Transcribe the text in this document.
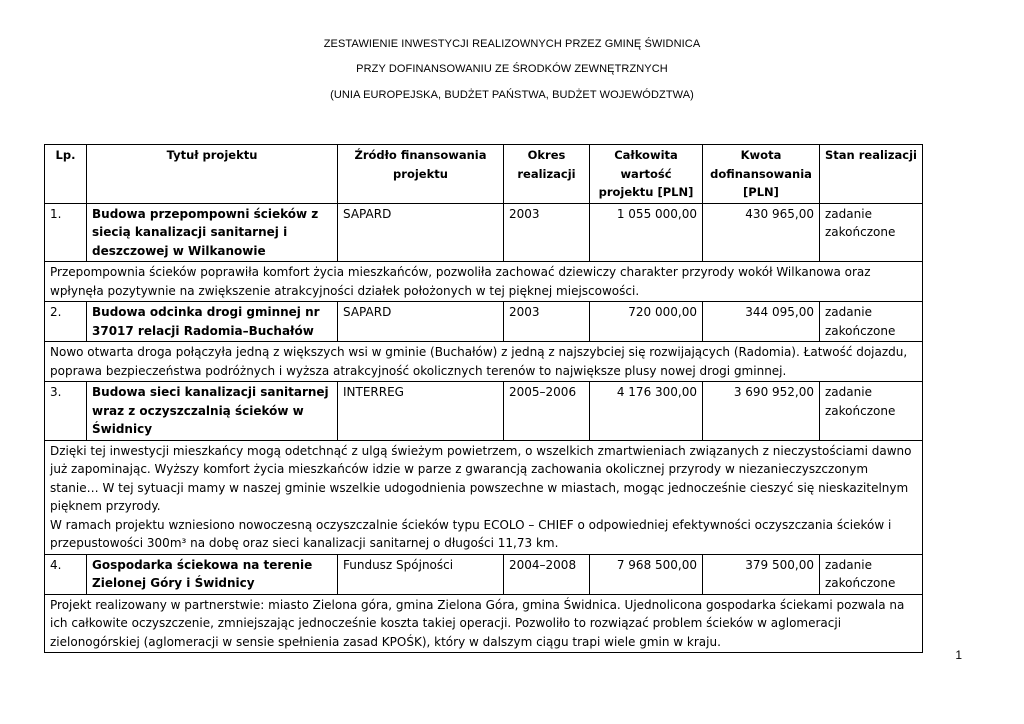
ZESTAWIENIE INWESTYCJI REALIZOWNYCH PRZEZ GMINĘ ŚWIDNICA
PRZY DOFINANSOWANIU ZE ŚRODKÓW ZEWNĘTRZNYCH
(UNIA EUROPEJSKA, BUDŻET PAŃSTWA, BUDŻET WOJEWÓDZTWA)
Lp.	Tytuł projektu	Źródło finansowania projektu	Okres realizacji	Całkowita wartość projektu [PLN]	Kwota dofinansowania [PLN]	Stan realizacji
1.	Budowa przepompowni ścieków z siecią kanalizacji sanitarnej i deszczowej w Wilkanowie	SAPARD	2003	1 055 000,00	430 965,00	zadanie zakończone
Przepompownia ścieków poprawiła komfort życia mieszkańców, pozwoliła zachować dziewiczy charakter przyrody wokół Wilkanowa oraz wpłynęła pozytywnie na zwiększenie atrakcyjności działek położonych w tej pięknej miejscowości.						
2.	Budowa odcinka drogi gminnej nr 37017 relacji Radomia–Buchałów	SAPARD	2003	720 000,00	344 095,00	zadanie zakończone
Nowo otwarta droga połączyła jedną z większych wsi w gminie (Buchałów) z jedną z najszybciej się rozwijających (Radomia). Łatwość dojazdu, poprawa bezpieczeństwa podróżnych i wyższa atrakcyjność okolicznych terenów to największe plusy nowej drogi gminnej.						
3.	Budowa sieci kanalizacji sanitarnej wraz z oczyszczalnią ścieków w Świdnicy	INTERREG	2005–2006	4 176 300,00	3 690 952,00	zadanie zakończone

Dzięki tej inwestycji mieszkańcy mogą odetchnąć z ulgą świeżym powietrzem, o wszelkich zmartwieniach związanych z nieczystościami dawno już zapominając. Wyższy komfort życia mieszkańców idzie w parze z gwarancją zachowania okolicznej przyrody w niezanieczyszczonym stanie… W tej sytuacji mamy w naszej gminie wszelkie udogodnienia powszechne w miastach, mogąc jednocześnie cieszyć się nieskazitelnym pięknem przyrody.
W ramach projektu wzniesiono nowoczesną oczyszczalnie ścieków typu ECOLO – CHIEF o odpowiedniej efektywności oczyszczania ścieków i przepustowości 300m³ na dobę oraz sieci kanalizacji sanitarnej o długości 11,73 km.						

4.	Gospodarka ściekowa na terenie Zielonej Góry i Świdnicy	Fundusz Spójności	2004–2008	7 968 500,00	379 500,00	zadanie zakończone
Projekt realizowany w partnerstwie: miasto Zielona góra, gmina Zielona Góra, gmina Świdnica. Ujednolicona gospodarka ściekami pozwala na ich całkowite oczyszczenie, zmniejszając jednocześnie koszta takiej operacji. Pozwoliło to rozwiązać problem ścieków w aglomeracji zielonogórskiej (aglomeracji w sensie spełnienia zasad KPOŚK), który w dalszym ciągu trapi wiele gmin w kraju.						
1
